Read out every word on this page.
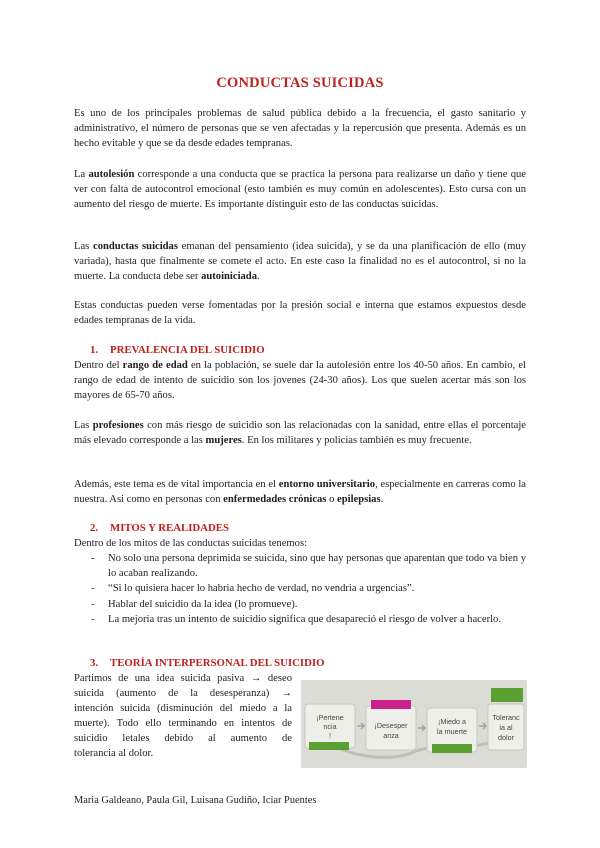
CONDUCTAS SUICIDAS

Es uno de los principales problemas de salud pública debido a la frecuencia, el gasto sanitario y administrativo, el número de personas que se ven afectadas y la repercusión que presenta. Además es un hecho evitable y que se da desde edades tempranas.

La autolesión corresponde a una conducta que se practica la persona para realizarse un daño y tiene que ver con falta de autocontrol emocional (esto también es muy común en adolescentes). Esto cursa con un aumento del riesgo de muerte. Es importante distinguir esto de las conductas suicidas.

Las conductas suicidas emanan del pensamiento (idea suicida), y se da una planificación de ello (muy variada), hasta que finalmente se comete el acto. En este caso la finalidad no es el autocontrol, si no la muerte. La conducta debe ser autoiniciada.

Estas conductas pueden verse fomentadas por la presión social e interna que estamos expuestos desde edades tempranas de la vida.

1. PREVALENCIA DEL SUICIDIO

Dentro del rango de edad en la población, se suele dar la autolesión entre los 40-50 años. En cambio, el rango de edad de intento de suicidio son los jovenes (24-30 años). Los que suelen acertar más son los mayores de 65-70 años.

Las profesiones con más riesgo de suicidio son las relacionadas con la sanidad, entre ellas el porcentaje más elevado corresponde a las mujeres. En los militares y policias también es muy frecuente.

Además, este tema es de vital importancia en el entorno universitario, especialmente en carreras como la nuestra. Asi como en personas con enfermedades crónicas o epilepsias.

2. MITOS Y REALIDADES

Dentro de los mitos de las conductas suicidas tenemos:

- No solo una persona deprimida se suicida, sino que hay personas que aparentan que todo va bien y lo acaban realizando.
- “Si lo quisiera hacer lo habria hecho de verdad, no vendria a urgencias”.
- Hablar del suicidio da la idea (lo promueve).
- La mejoria tras un intento de suicidio significa que desapareció el riesgo de volver a hacerlo.
3. TEORÍA INTERPERSONAL DEL SUICIDIO
Partimos de una idea suicida pasiva → deseo
suicida (aumento de la desesperanza) →
intención suicida (disminución del miedo a la
muerte). Todo ello terminando en intentos de
suicidio letales debido al aumento de
tolerancia al dolor.
¡Pertene
ncia
!
¡Desesper
anza
¡Miedo a
la muerte
Toleranc
ia al
dolor
Maria Galdeano, Paula Gil, Luisana Gudiño, Iciar Puentes
